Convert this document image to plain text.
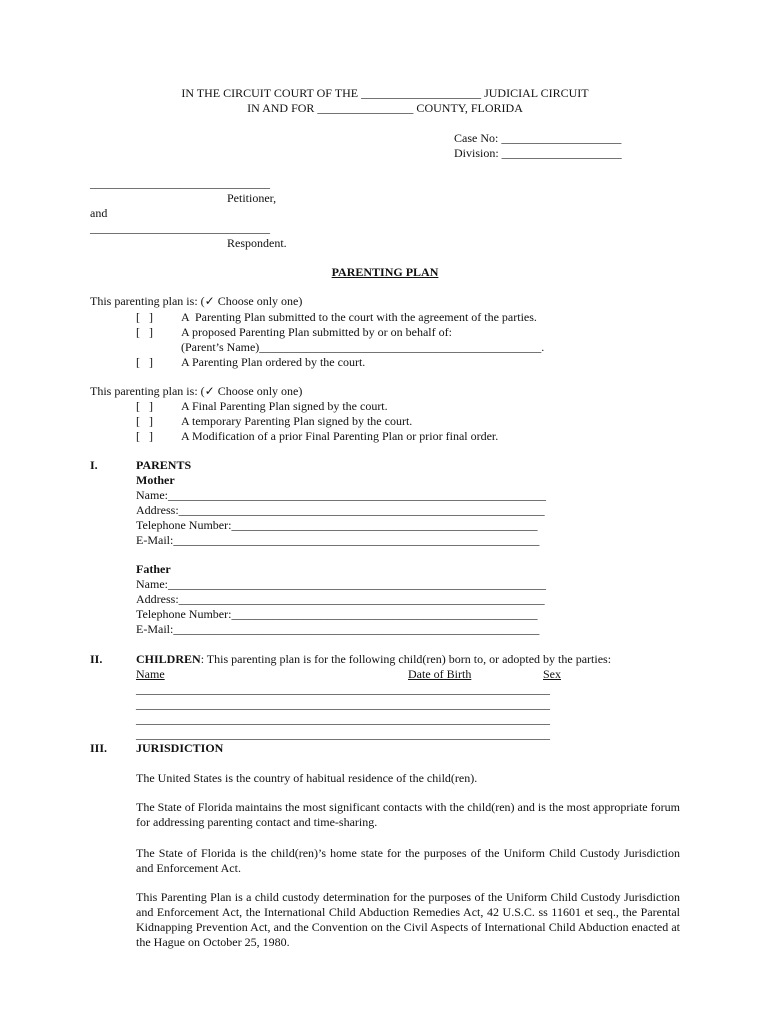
IN THE CIRCUIT COURT OF THE ____________________ JUDICIAL CIRCUIT
IN AND FOR ________________ COUNTY, FLORIDA
Case No: ____________________
Division: ____________________
______________________________
Petitioner,
and
______________________________
Respondent.
PARENTING PLAN
This parenting plan is: (✓ Choose only one)
[   ] A  Parenting Plan submitted to the court with the agreement of the parties.
[   ] A proposed Parenting Plan submitted by or on behalf of:
(Parent’s Name)_______________________________________________.
[   ] A Parenting Plan ordered by the court.
This parenting plan is: (✓ Choose only one)
[   ] A Final Parenting Plan signed by the court.
[   ] A temporary Parenting Plan signed by the court.
[   ] A Modification of a prior Final Parenting Plan or prior final order.
I.	PARENTS
Mother
Name:_______________________________________________________________
Address:_____________________________________________________________
Telephone Number:___________________________________________________
E-Mail:_____________________________________________________________
Father
Name:_______________________________________________________________
Address:_____________________________________________________________
Telephone Number:___________________________________________________
E-Mail:_____________________________________________________________
II.	CHILDREN: This parenting plan is for the following child(ren) born to, or adopted by the parties:
Name	Date of Birth	Sex
_____________________________________________________________________
_____________________________________________________________________
_____________________________________________________________________
_____________________________________________________________________
III. JURISDICTION
The United States is the country of habitual residence of the child(ren).
The State of Florida maintains the most significant contacts with the child(ren) and is the most appropriate forum for addressing parenting contact and time-sharing.
The State of Florida is the child(ren)’s home state for the purposes of the Uniform Child Custody Jurisdiction and Enforcement Act.
This Parenting Plan is a child custody determination for the purposes of the Uniform Child Custody Jurisdiction and Enforcement Act, the International Child Abduction Remedies Act, 42 U.S.C. ss 11601 et seq., the Parental Kidnapping Prevention Act, and the Convention on the Civil Aspects of International Child Abduction enacted at the Hague on October 25, 1980.
